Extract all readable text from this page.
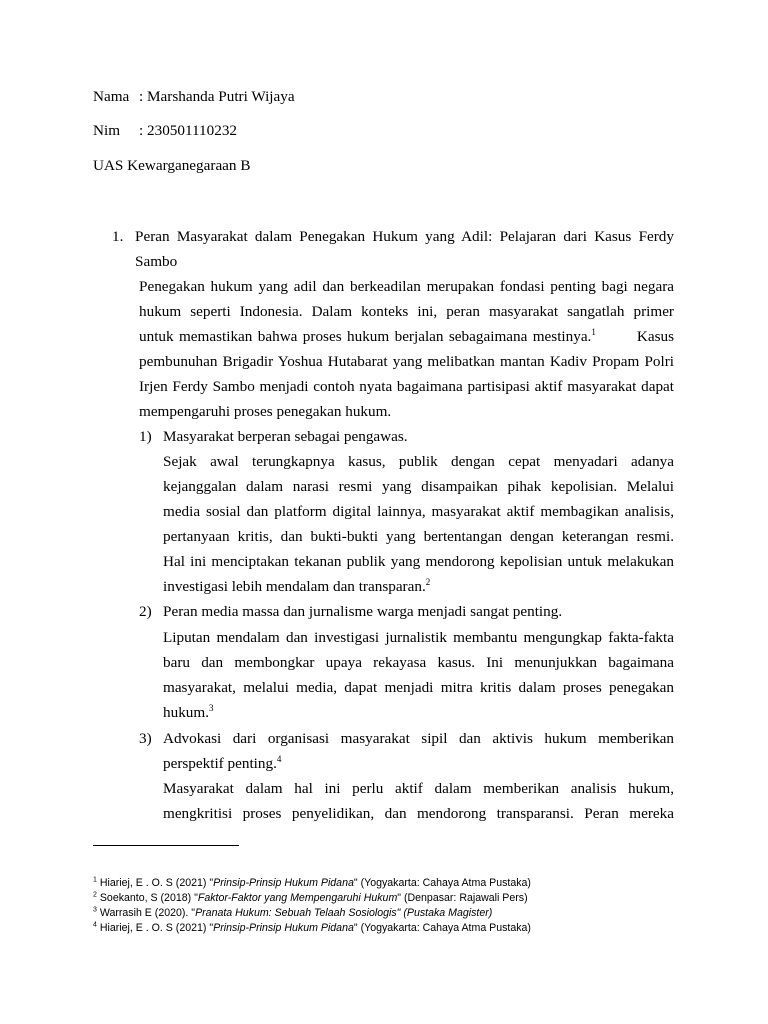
Nama : Marshanda Putri Wijaya
Nim : 230501110232
UAS Kewarganegaraan B
1. Peran Masyarakat dalam Penegakan Hukum yang Adil: Pelajaran dari Kasus Ferdy
Sambo
Penegakan hukum yang adil dan berkeadilan merupakan fondasi penting bagi negara
hukum seperti Indonesia. Dalam konteks ini, peran masyarakat sangatlah primer
untuk memastikan bahwa proses hukum berjalan sebagaimana mestinya.$^1$	Kasus
pembunuhan Brigadir Yoshua Hutabarat yang melibatkan mantan Kadiv Propam Polri
Irjen Ferdy Sambo menjadi contoh nyata bagaimana partisipasi aktif masyarakat dapat
mempengaruhi proses penegakan hukum.
1) Masyarakat berperan sebagai pengawas.
Sejak awal terungkapnya kasus, publik dengan cepat menyadari adanya
kejanggalan dalam narasi resmi yang disampaikan pihak kepolisian. Melalui
media sosial dan platform digital lainnya, masyarakat aktif membagikan analisis,
pertanyaan kritis, dan bukti-bukti yang bertentangan dengan keterangan resmi.
Hal ini menciptakan tekanan publik yang mendorong kepolisian untuk melakukan
investigasi lebih mendalam dan transparan.$^2$
2) Peran media massa dan jurnalisme warga menjadi sangat penting.
Liputan mendalam dan investigasi jurnalistik membantu mengungkap fakta-fakta
baru dan membongkar upaya rekayasa kasus. Ini menunjukkan bagaimana
masyarakat, melalui media, dapat menjadi mitra kritis dalam proses penegakan
hukum.$^3$
3) Advokasi dari organisasi masyarakat sipil dan aktivis hukum memberikan
perspektif penting.$^4$
Masyarakat dalam hal ini perlu aktif dalam memberikan analisis hukum,
mengkritisi proses penyelidikan, dan mendorong transparansi. Peran mereka
$^1$ Hiariej, E . O. S (2021) "Prinsip-Prinsip Hukum Pidana" (Yogyakarta: Cahaya Atma Pustaka)
$^2$ Soekanto, S (2018) "Faktor-Faktor yang Mempengaruhi Hukum" (Denpasar: Rajawali Pers)
$^3$ Warrasih E (2020). "Pranata Hukum: Sebuah Telaah Sosiologis" (Pustaka Magister)
$^4$ Hiariej, E . O. S (2021) "Prinsip-Prinsip Hukum Pidana" (Yogyakarta: Cahaya Atma Pustaka)
